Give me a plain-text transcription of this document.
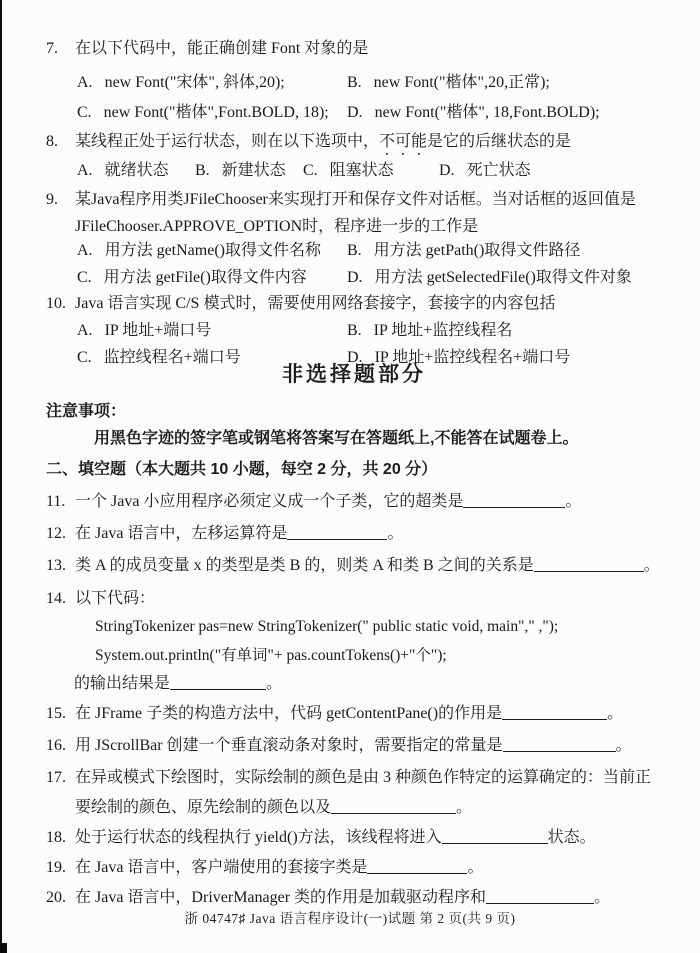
7.	在以下代码中，能正确创建 Font 对象的是
A. new Font("宋体", 斜体,20);	B. new Font("楷体",20,正常);
C. new Font("楷体",Font.BOLD, 18); D. new Font("楷体", 18,Font.BOLD);
8.	某线程正处于运行状态，则在以下选项中，不可能是它的后继状态的是
A. 就绪状态 B. 新建状态 C. 阻塞状态	D. 死亡状态
9.	某Java程序用类JFileChooser来实现打开和保存文件对话框。当对话框的返回值是JFileChooser.APPROVE_OPTION时，程序进一步的工作是
A. 用方法 getName()取得文件名称 B. 用方法 getPath()取得文件路径
C. 用方法 getFile()取得文件内容	D. 用方法 getSelectedFile()取得文件对象
10. Java 语言实现 C/S 模式时，需要使用网络套接字，套接字的内容包括
A. IP 地址+端口号	B. IP 地址+监控线程名
C. 监控线程名+端口号	D. IP 地址+监控线程名+端口号
非选择题部分
注意事项：
用黑色字迹的签字笔或钢笔将答案写在答题纸上,不能答在试题卷上。
二、填空题（本大题共 10 小题，每空 2 分，共 20 分）
11. 一个 Java 小应用程序必须定义成一个子类，它的超类是	。
12. 在 Java 语言中，左移运算符是	。
13. 类 A 的成员变量 x 的类型是类 B 的，则类 A 和类 B 之间的关系是	。
14. 以下代码：
StringTokenizer pas=new StringTokenizer(" public static void, main"," ,");
System.out.println("有单词"+ pas.countTokens()+"个");
的输出结果是	。
15. 在 JFrame 子类的构造方法中，代码 getContentPane()的作用是	。
16. 用 JScrollBar 创建一个垂直滚动条对象时，需要指定的常量是	。
17. 在异或模式下绘图时，实际绘制的颜色是由 3 种颜色作特定的运算确定的：当前正要绘制的颜色、原先绘制的颜色以及	。
18. 处于运行状态的线程执行 yield()方法，该线程将进入	状态。
19. 在 Java 语言中，客户端使用的套接字类是	。
20. 在 Java 语言中，DriverManager 类的作用是加载驱动程序和	。
浙 04747♯ Java 语言程序设计(一)试题 第 2 页(共 9 页)
